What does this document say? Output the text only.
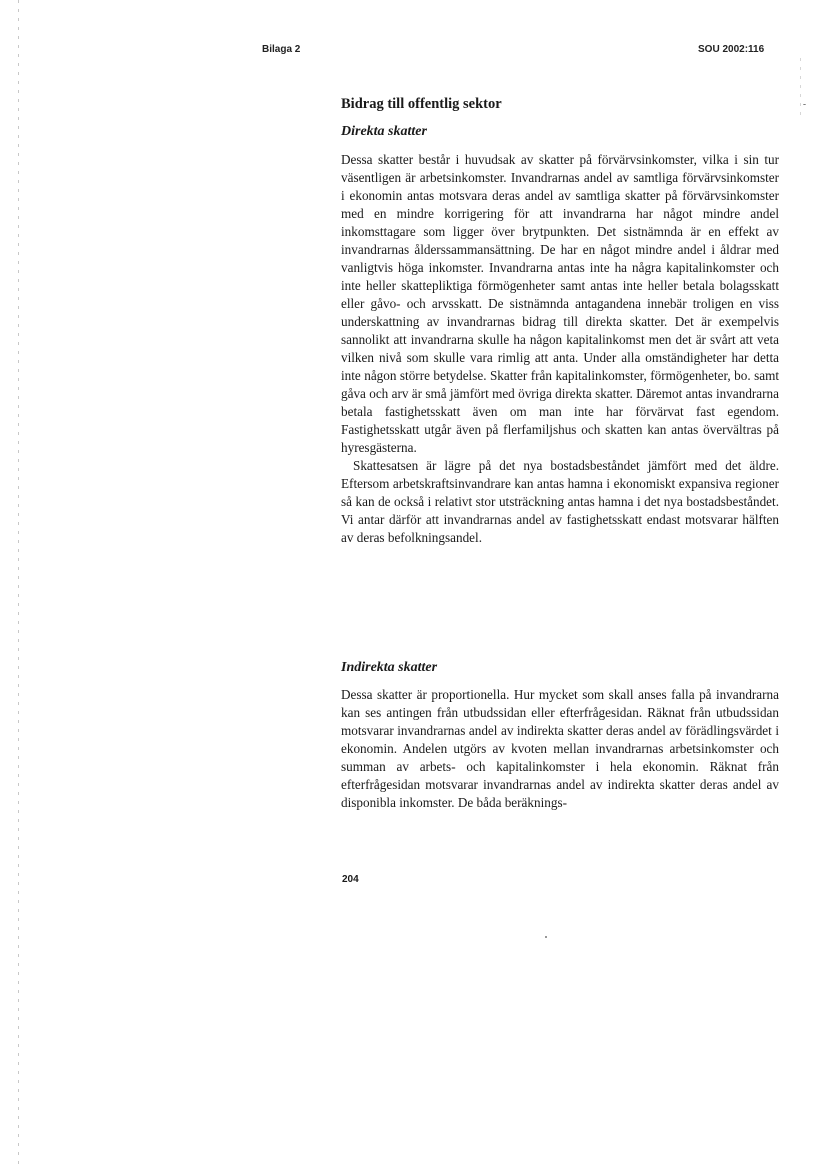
Bilaga 2	SOU 2002:116
Bidrag till offentlig sektor
Direkta skatter

Dessa skatter består i huvudsak av skatter på förvärvsinkomster, vilka i sin tur väsentligen är arbetsinkomster. Invandrarnas andel av samtliga förvärvsinkomster i ekonomin antas motsvara deras andel av samtliga skatter på förvärvsinkomster med en mindre korrigering för att invandrarna har något mindre andel inkomsttagare som ligger över brytpunkten. Det sistnämnda är en effekt av invandrarnas ålderssammansättning. De har en något mindre andel i åldrar med vanligtvis höga inkomster. Invandrarna antas inte ha några kapitalinkomster och inte heller skattepliktiga förmögenheter samt antas inte heller betala bolagsskatt eller gåvo- och arvsskatt. De sistnämnda antagandena innebär troligen en viss underskattning av invandrarnas bidrag till direkta skatter. Det är exempelvis sannolikt att invandrarna skulle ha någon kapitalinkomst men det är svårt att veta vilken nivå som skulle vara rimlig att anta. Under alla omständigheter har detta inte någon större betydelse. Skatter från kapitalinkomster, förmögenheter, bo. samt gåva och arv är små jämfört med övriga direkta skatter. Däremot antas invandrarna betala fastighetsskatt även om man inte har förvärvat fast egendom. Fastighetsskatt utgår även på flerfamiljshus och skatten kan antas övervältras på hyresgästerna.

Skattesatsen är lägre på det nya bostadsbeståndet jämfört med det äldre. Eftersom arbetskraftsinvandrare kan antas hamna i ekonomiskt expansiva regioner så kan de också i relativt stor utsträckning antas hamna i det nya bostadsbeståndet. Vi antar därför att invandrarnas andel av fastighetsskatt endast motsvarar hälften av deras befolkningsandel.

Indirekta skatter

Dessa skatter är proportionella. Hur mycket som skall anses falla på invandrarna kan ses antingen från utbudssidan eller efterfrågesidan. Räknat från utbudssidan motsvarar invandrarnas andel av indirekta skatter deras andel av förädlingsvärdet i ekonomin. Andelen utgörs av kvoten mellan invandrarnas arbetsinkomster och summan av arbets- och kapitalinkomster i hela ekonomin. Räknat från efterfrågesidan motsvarar invandrarnas andel av indirekta skatter deras andel av disponibla inkomster. De båda beräknings-

204
